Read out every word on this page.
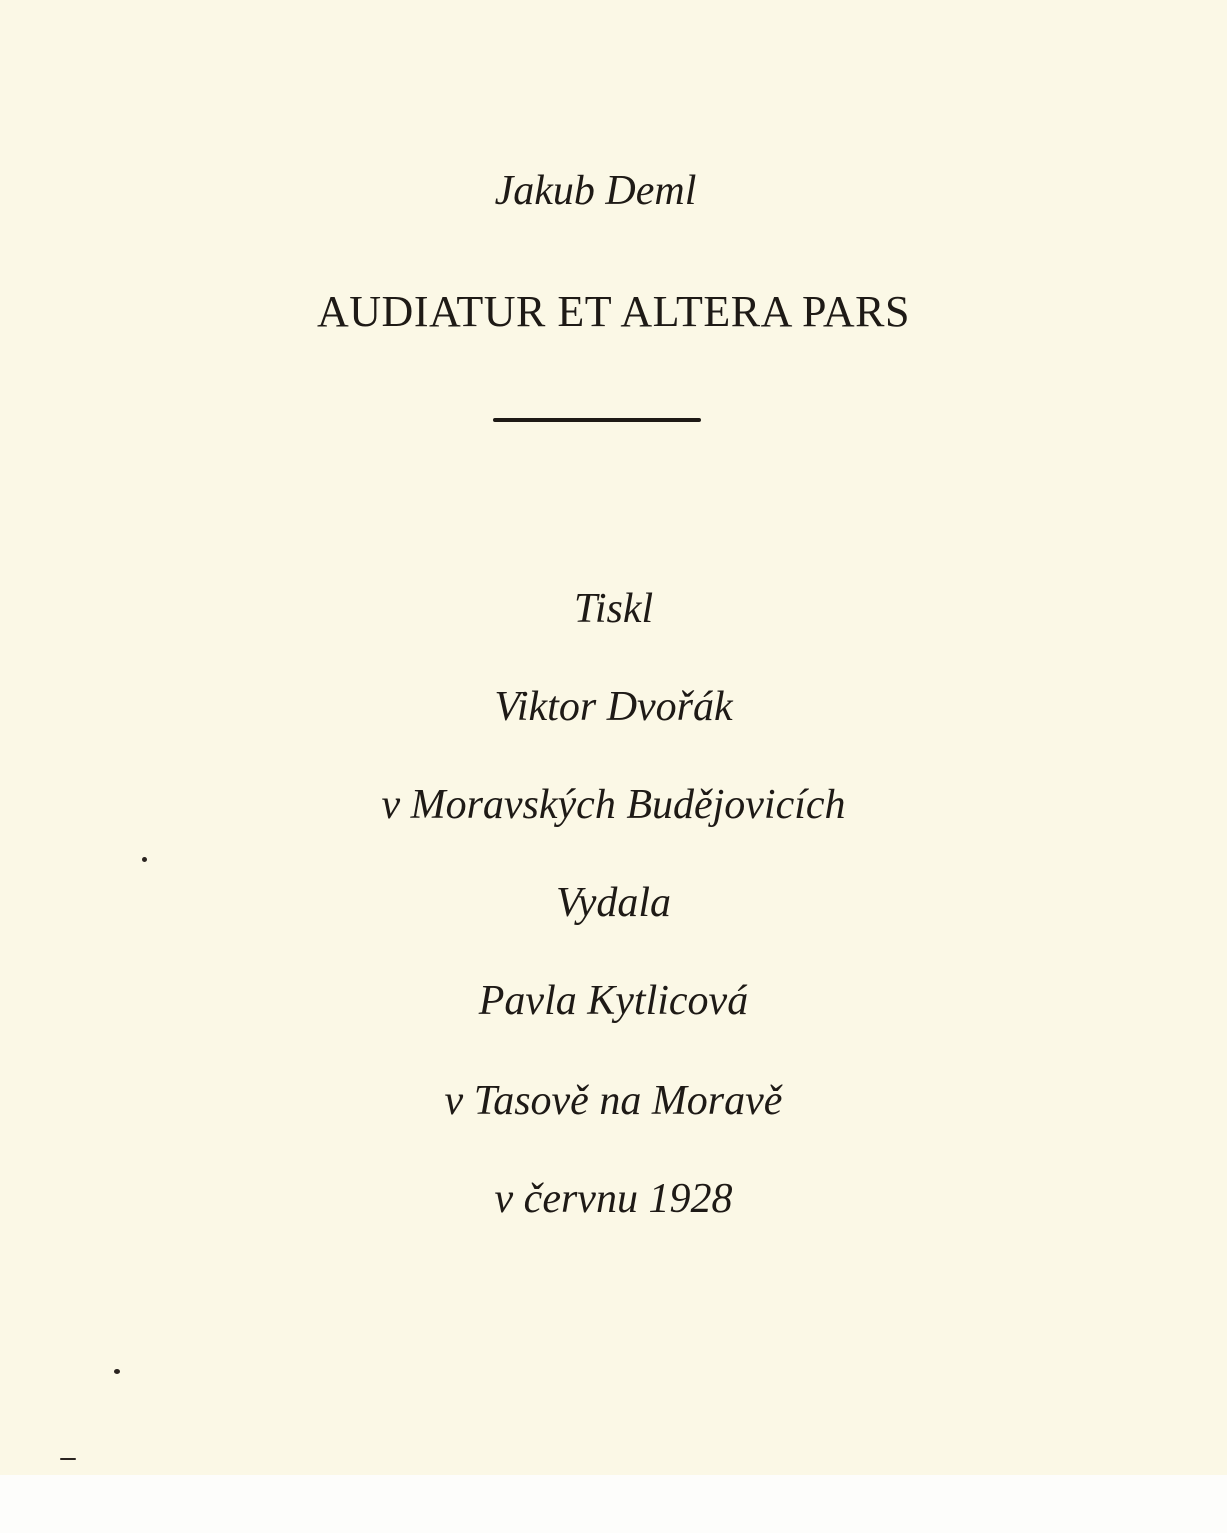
Jakub Deml
AUDIATUR ET ALTERA PARS
Tiskl
Viktor Dvořák
v Moravských Budějovicích
Vydala
Pavla Kytlicová
v Tasově na Moravě
v červnu 1928
